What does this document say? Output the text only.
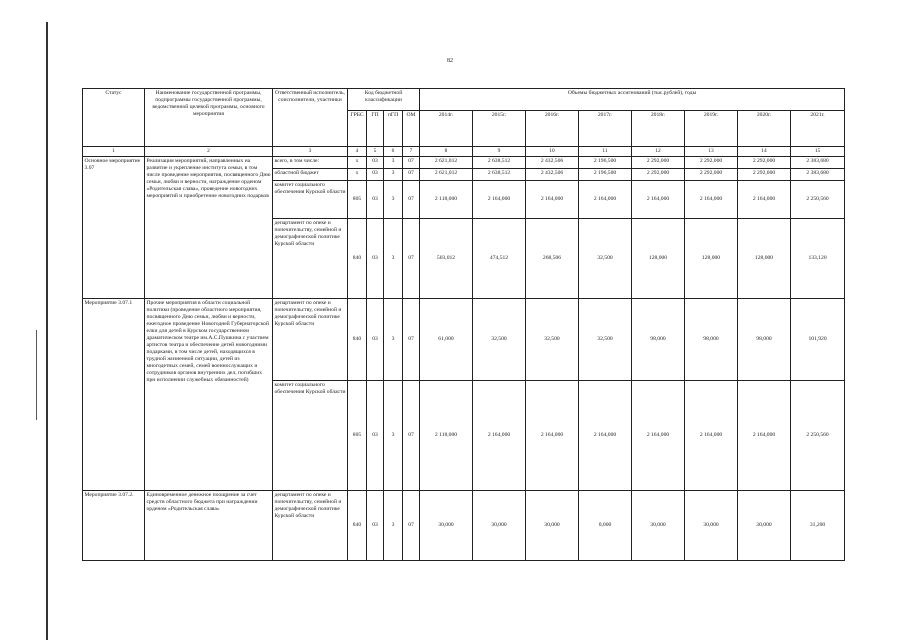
82
Статус	Наименование государственной программы, подпрограммы государственной программы, ведомственной целевой программы, основного мероприятия	Ответственный исполнитель, соисполнители, участники	Код бюджетной классификации				Объемы бюджетных ассигнований (тыс.рублей), годы							
			ГРБС	ГП	пГП	ОМ	2014г.	2015г.	2016г.	2017г.	2018г.	2019г.	2020г.	2021г.
1	2	3	4	5	6	7	8	9	10	11	12	13	14	15
Основное мероприятие 3.07	Реализация мероприятий, направленных на развитие и укрепление института семьи, в том числе проведение мероприятия, посвященного Дню семьи, любви и верности, награждение орденом «Родительская слава», проведение новогодних мероприятий и приобретение новогодних подарков	всего, в том числе:	x	03	3	07	2 621,012	2 638,512	2 432,506	2 196,500	2 292,000	2 292,000	2 292,000	2 383,680
		областной бюджет	x	03	3	07	2 621,012	2 638,512	2 432,506	2 196,500	2 292,000	2 292,000	2 292,000	2 383,680
		комитет социального обеспечения Курской области	805	03	3	07	2 118,000	2 164,000	2 164,000	2 164,000	2 164,000	2 164,000	2 164,000	2 250,560
		департамент по опеке и попечительству, семейной и демографической политике Курской области	840	03	3	07	503,012	474,512	268,506	32,500	128,000	128,000	128,000	133,120
Мероприятие 3.07.1	Прочие мероприятия в области социальной политики (проведение областного мероприятия, посвященного Дню семьи, любви и верности, ежегодное проведение Новогодней Губернаторской елки для детей в Курском государственном драматическом театре им.А.С.Пушкина с участием артистов театра и обеспечение детей новогодними подарками, в том числе детей, находящихся в трудной жизненной ситуации, детей из многодетных семей, семей военнослужащих и сотрудников органов внутренних дел, погибших при исполнении служебных обязанностей)	департамент по опеке и попечительству, семейной и демографической политике Курской области	840	03	3	07	61,000	32,500	32,500	32,500	98,000	98,000	98,000	101,920
		комитет социального обеспечения Курской области	805	03	3	07	2 118,000	2 164,000	2 164,000	2 164,000	2 164,000	2 164,000	2 164,000	2 250,560
Мероприятие 3.07.2.	Единовременное денежное поощрение за счет средств областного бюджета при награждении орденом «Родительская слава»	департамент по опеке и попечительству, семейной и демографической политике Курской области	840	03	3	07	30,000	30,000	30,000	0,000	30,000	30,000	30,000	31,200
